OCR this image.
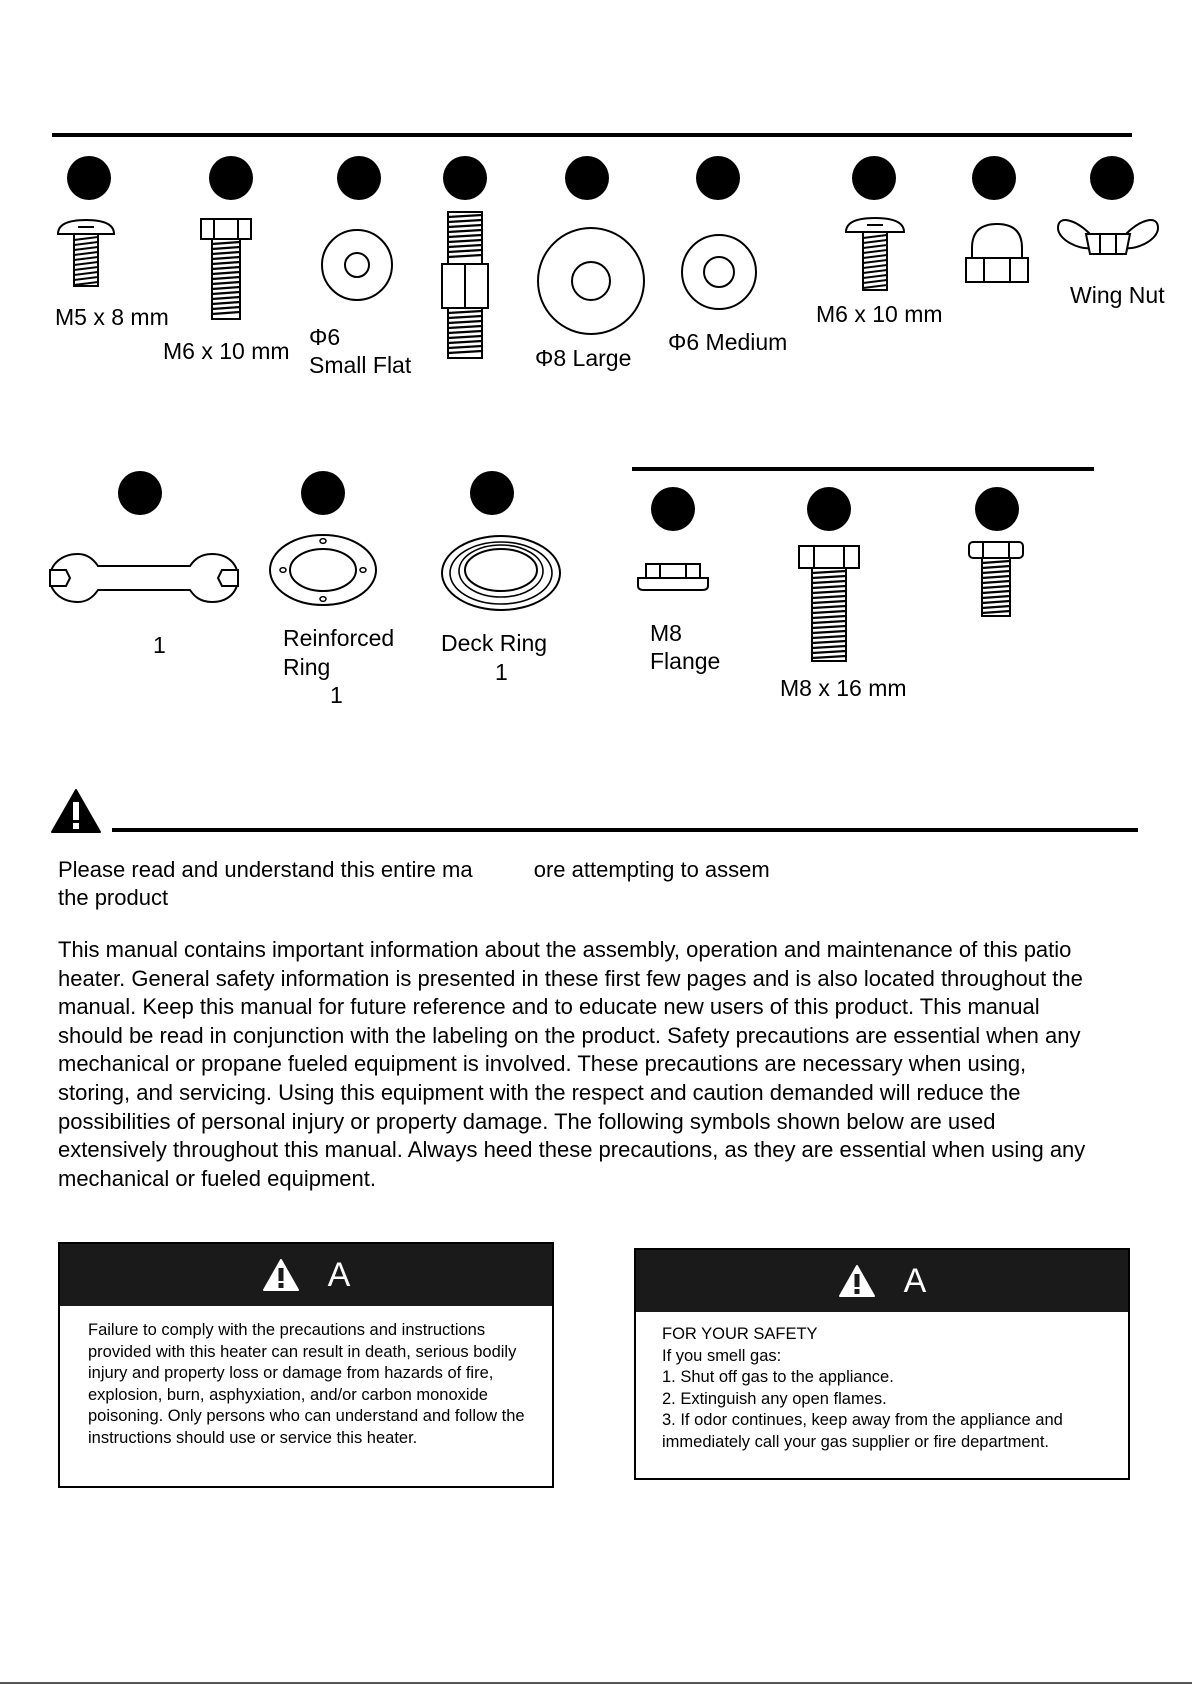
M5 x 8 mm
M6 x 10 mm
Φ6
Small Flat	Φ8 Large
Φ6 Medium
M6 x 10 mm
Wing Nut
1	Reinforced
Ring
1
Deck Ring
1
M8
Flange
M8 x 16 mm
Please read and understand this entire ma          ore attempting to assem
the product
This manual contains important information about the assembly, operation and maintenance of this patio heater. General safety information is presented in these first few pages and is also located throughout the manual. Keep this manual for future reference and to educate new users of this product. This manual should be read in conjunction with the labeling on the product. Safety precautions are essential when any mechanical or propane fueled equipment is involved. These precautions are necessary when using, storing, and servicing. Using this equipment with the respect and caution demanded will reduce the possibilities of personal injury or property damage. The following symbols shown below are used extensively throughout this manual. Always heed these precautions, as they are essential when using any mechanical or fueled equipment.
A
Failure to comply with the precautions and instructions provided with this heater can result in death, serious bodily injury and property loss or damage from hazards of fire, explosion, burn, asphyxiation, and/or carbon monoxide poisoning. Only persons who can understand and follow the instructions should use or service this heater.
A
FOR YOUR SAFETY
If you smell gas:
1. Shut off gas to the appliance.
2. Extinguish any open flames.
3. If odor continues, keep away from the appliance and immediately call your gas supplier or fire department.
